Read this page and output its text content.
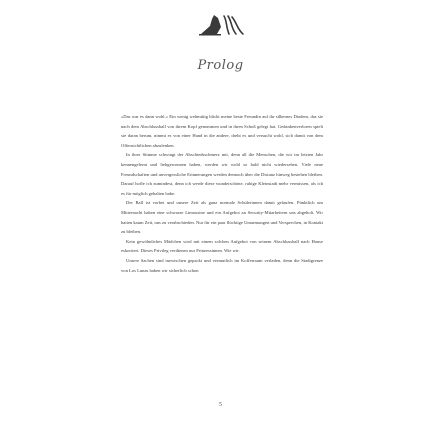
Prolog

»Das war es dann wohl.« Ein wenig wehmütig blickt meine beste Freundin auf ihr silbernes Diadem, das sie nach dem Abschlussball von ihrem Kopf genommen und in ihren Schoß gelegt hat. Gedankenverloren spielt sie daran herum, nimmt es von einer Hand in die andere, dreht es und versucht wohl, sich damit von dem Offensichtlichen abzulenken.

In ihrer Stimme schwingt der Abschiedsschmerz mit, denn all die Menschen, die wir im letzten Jahr kennengelernt und liebgewonnen haben, werden wir wohl so bald nicht wiedersehen. Viele neue Freundschaften und unvergessliche Erinnerungen werden dennoch über die Distanz hinweg bestehen bleiben. Darauf hoffe ich zumindest, denn ich werde diese wunderschöne, ruhige Kleinstadt mehr vermissen, als ich es für möglich gehalten habe.

Der Ball ist vorbei und unsere Zeit als ganz normale Schülerinnen damit gelaufen. Pünktlich um Mitternacht haben eine schwarze Limousine und ein Aufgebot an Security-Mitarbeitern uns abgeholt. Wir hatten kaum Zeit, uns zu verabschieden. Nur für ein paar flüchtige Umarmungen und Versprechen, in Kontakt zu bleiben.

Kein gewöhnliches Mädchen wird mit einem solchen Aufgebot von seinem Abschlussball nach Hause eskortiert. Dieses Privileg verdienen nur Prinzessinnen. Wie wir.

Unsere Sachen sind inzwischen gepackt und vermutlich im Kofferraum verladen, denn die Stadtgrenze von Los Lunas haben wir sicherlich schon

5
